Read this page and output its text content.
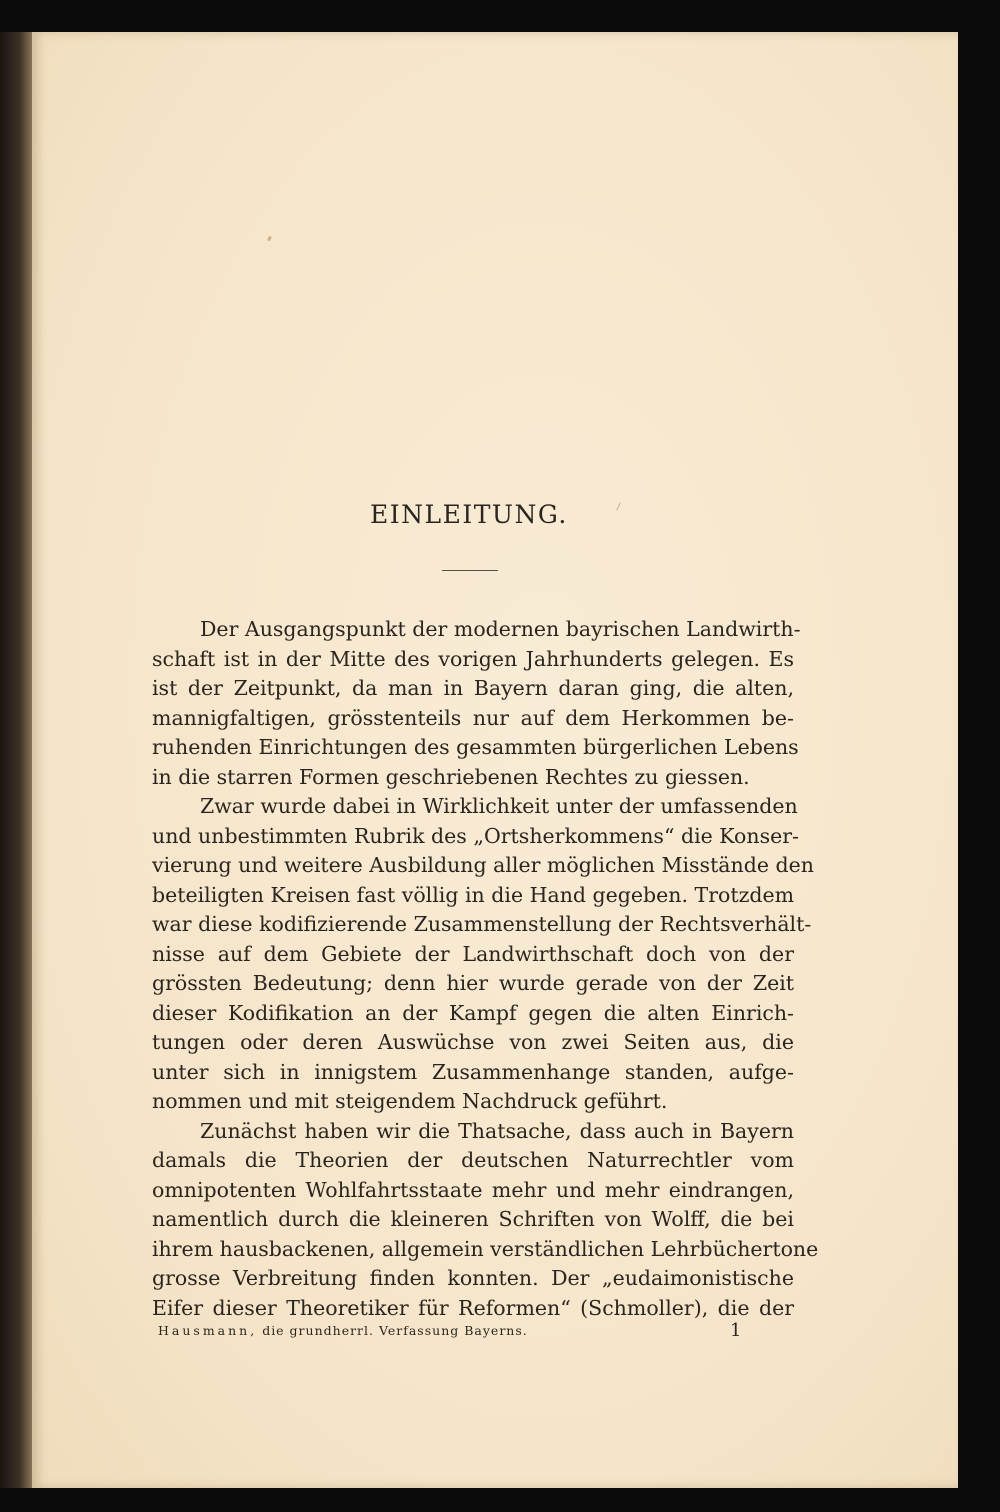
EINLEITUNG.
Der Ausgangspunkt der modernen bayrischen Landwirth-
schaft ist in der Mitte des vorigen Jahrhunderts gelegen. Es
ist der Zeitpunkt, da man in Bayern daran ging, die alten,
mannigfaltigen, grösstenteils nur auf dem Herkommen be-
ruhenden Einrichtungen des gesammten bürgerlichen Lebens
in die starren Formen geschriebenen Rechtes zu giessen.
Zwar wurde dabei in Wirklichkeit unter der umfassenden
und unbestimmten Rubrik des „Ortsherkommens“ die Konser-
vierung und weitere Ausbildung aller möglichen Misstände den
beteiligten Kreisen fast völlig in die Hand gegeben. Trotzdem
war diese kodifizierende Zusammenstellung der Rechtsverhält-
nisse auf dem Gebiete der Landwirthschaft doch von der
grössten Bedeutung; denn hier wurde gerade von der Zeit
dieser Kodifikation an der Kampf gegen die alten Einrich-
tungen oder deren Auswüchse von zwei Seiten aus, die
unter sich in innigstem Zusammenhange standen, aufge-
nommen und mit steigendem Nachdruck geführt.
Zunächst haben wir die Thatsache, dass auch in Bayern
damals die Theorien der deutschen Naturrechtler vom
omnipotenten Wohlfahrtsstaate mehr und mehr eindrangen,
namentlich durch die kleineren Schriften von Wolff, die bei
ihrem hausbackenen, allgemein verständlichen Lehrbüchertone
grosse Verbreitung finden konnten. Der „eudaimonistische
Eifer dieser Theoretiker für Reformen“ (Schmoller), die der
Hausmann, die grundherrl. Verfassung Bayerns.	1
